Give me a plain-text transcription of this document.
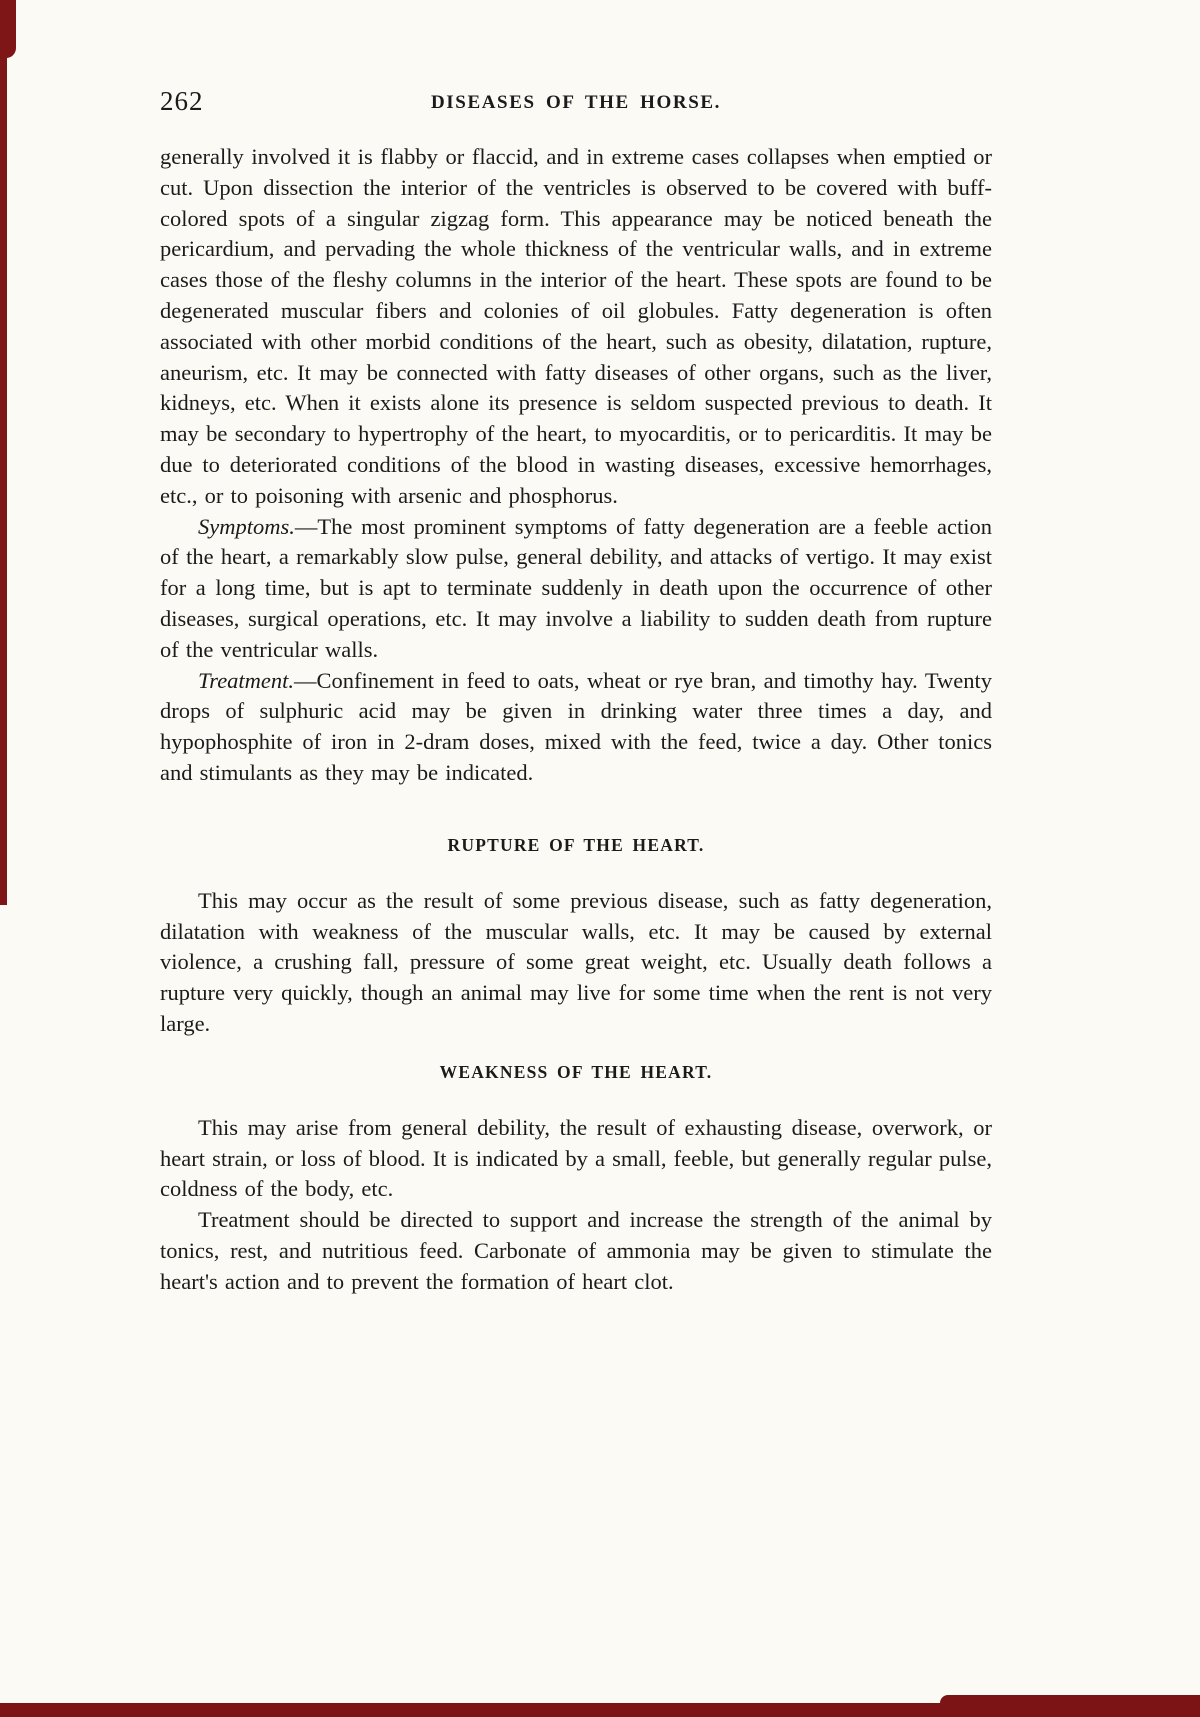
262	DISEASES OF THE HORSE.

generally involved it is flabby or flaccid, and in extreme cases collapses when emptied or cut. Upon dissection the interior of the ventricles is observed to be covered with buff-colored spots of a singular zigzag form. This appearance may be noticed beneath the pericardium, and pervading the whole thickness of the ventricular walls, and in extreme cases those of the fleshy columns in the interior of the heart. These spots are found to be degenerated muscular fibers and colonies of oil globules. Fatty degeneration is often associated with other morbid conditions of the heart, such as obesity, dilatation, rupture, aneurism, etc. It may be connected with fatty diseases of other organs, such as the liver, kidneys, etc. When it exists alone its presence is seldom suspected previous to death. It may be secondary to hypertrophy of the heart, to myocarditis, or to pericarditis. It may be due to deteriorated conditions of the blood in wasting diseases, excessive hemorrhages, etc., or to poisoning with arsenic and phosphorus.

Symptoms.—The most prominent symptoms of fatty degeneration are a feeble action of the heart, a remarkably slow pulse, general debility, and attacks of vertigo. It may exist for a long time, but is apt to terminate suddenly in death upon the occurrence of other diseases, surgical operations, etc. It may involve a liability to sudden death from rupture of the ventricular walls.

Treatment.—Confinement in feed to oats, wheat or rye bran, and timothy hay. Twenty drops of sulphuric acid may be given in drinking water three times a day, and hypophosphite of iron in 2-dram doses, mixed with the feed, twice a day. Other tonics and stimulants as they may be indicated.

RUPTURE OF THE HEART.

This may occur as the result of some previous disease, such as fatty degeneration, dilatation with weakness of the muscular walls, etc. It may be caused by external violence, a crushing fall, pressure of some great weight, etc. Usually death follows a rupture very quickly, though an animal may live for some time when the rent is not very large.

WEAKNESS OF THE HEART.

This may arise from general debility, the result of exhausting disease, overwork, or heart strain, or loss of blood. It is indicated by a small, feeble, but generally regular pulse, coldness of the body, etc.

Treatment should be directed to support and increase the strength of the animal by tonics, rest, and nutritious feed. Carbonate of ammonia may be given to stimulate the heart's action and to prevent the formation of heart clot.
